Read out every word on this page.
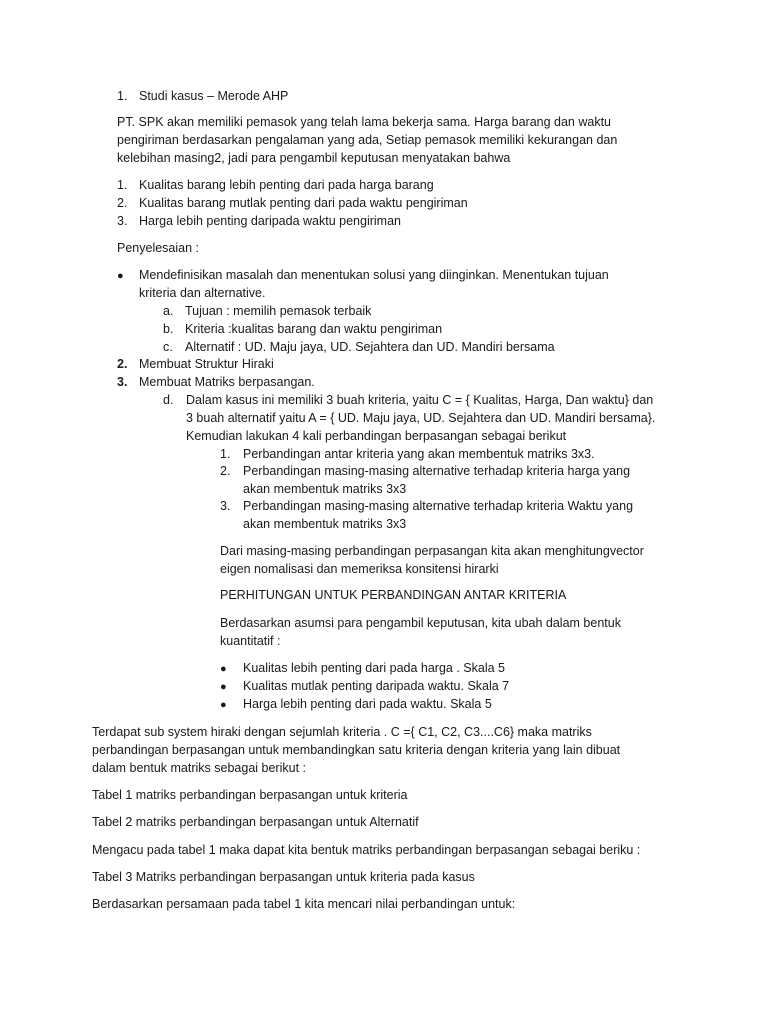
1. Studi kasus – Merode AHP
PT. SPK akan memiliki pemasok yang telah lama bekerja sama. Harga barang dan waktu
pengiriman berdasarkan pengalaman yang ada, Setiap pemasok memiliki kekurangan dan
kelebihan masing2, jadi para pengambil keputusan menyatakan bahwa
1. Kualitas barang lebih penting dari pada harga barang
2. Kualitas barang mutlak penting dari pada waktu pengiriman
3. Harga lebih penting daripada waktu pengiriman
Penyelesaian :
● Mendefinisikan masalah dan menentukan solusi yang diinginkan. Menentukan tujuan
kriteria dan alternative.
a. Tujuan : memilih pemasok terbaik
b. Kriteria :kualitas barang dan waktu pengiriman
c. Alternatif : UD. Maju jaya, UD. Sejahtera dan UD. Mandiri bersama
2. Membuat Struktur Hiraki
3. Membuat Matriks berpasangan.
d. Dalam kasus ini memiliki 3 buah kriteria, yaitu C = { Kualitas, Harga, Dan waktu} dan
3 buah alternatif yaitu A = { UD. Maju jaya, UD. Sejahtera dan UD. Mandiri bersama}.
Kemudian lakukan 4 kali perbandingan berpasangan sebagai berikut
1. Perbandingan antar kriteria yang akan membentuk matriks 3x3.
2. Perbandingan masing-masing alternative terhadap kriteria harga yang
akan membentuk matriks 3x3
3. Perbandingan masing-masing alternative terhadap kriteria Waktu yang
akan membentuk matriks 3x3
Dari masing-masing perbandingan perpasangan kita akan menghitungvector
eigen nomalisasi dan memeriksa konsitensi hirarki
PERHITUNGAN UNTUK PERBANDINGAN ANTAR KRITERIA
Berdasarkan asumsi para pengambil keputusan, kita ubah dalam bentuk
kuantitatif :
● Kualitas lebih penting dari pada harga . Skala 5
● Kualitas mutlak penting daripada waktu. Skala 7
● Harga lebih penting dari pada waktu. Skala 5
Terdapat sub system hiraki dengan sejumlah kriteria . C ={ C1, C2, C3....C6} maka matriks
perbandingan berpasangan untuk membandingkan satu kriteria dengan kriteria yang lain dibuat
dalam bentuk matriks sebagai berikut :
Tabel 1 matriks perbandingan berpasangan untuk kriteria
Tabel 2 matriks perbandingan berpasangan untuk Alternatif
Mengacu pada tabel 1 maka dapat kita bentuk matriks perbandingan berpasangan sebagai beriku :
Tabel 3 Matriks perbandingan berpasangan untuk kriteria pada kasus
Berdasarkan persamaan pada tabel 1 kita mencari nilai perbandingan untuk:
